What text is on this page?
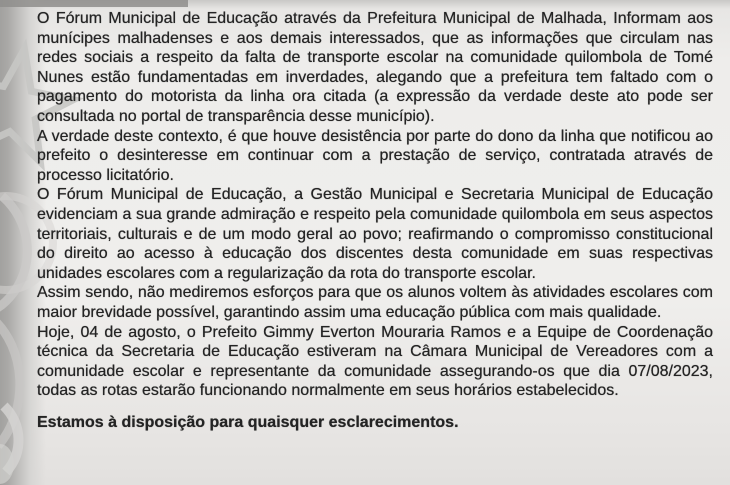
O Fórum Municipal de Educação através da Prefeitura Municipal de Malhada, Informam aos munícipes malhadenses e aos demais interessados, que as informações que circulam nas redes sociais a respeito da falta de transporte escolar na comunidade quilombola de Tomé Nunes estão fundamentadas em inverdades, alegando que a prefeitura tem faltado com o pagamento do motorista da linha ora citada (a expressão da verdade deste ato pode ser consultada no portal de transparência desse município).

A verdade deste contexto, é que houve desistência por parte do dono da linha que notificou ao prefeito o desinteresse em continuar com a prestação de serviço, contratada através de processo licitatório.

O Fórum Municipal de Educação, a Gestão Municipal e Secretaria Municipal de Educação evidenciam a sua grande admiração e respeito pela comunidade quilombola em seus aspectos territoriais, culturais e de um modo geral ao povo; reafirmando o compromisso constitucional do direito ao acesso à educação dos discentes desta comunidade em suas respectivas unidades escolares com a regularização da rota do transporte escolar.

Assim sendo, não mediremos esforços para que os alunos voltem às atividades escolares com maior brevidade possível, garantindo assim uma educação pública com mais qualidade.

Hoje, 04 de agosto, o Prefeito Gimmy Everton Mouraria Ramos e a Equipe de Coordenação técnica da Secretaria de Educação estiveram na Câmara Municipal de Vereadores com a comunidade escolar e representante da comunidade assegurando-os que dia 07/08/2023, todas as rotas estarão funcionando normalmente em seus horários estabelecidos.

Estamos à disposição para quaisquer esclarecimentos.
